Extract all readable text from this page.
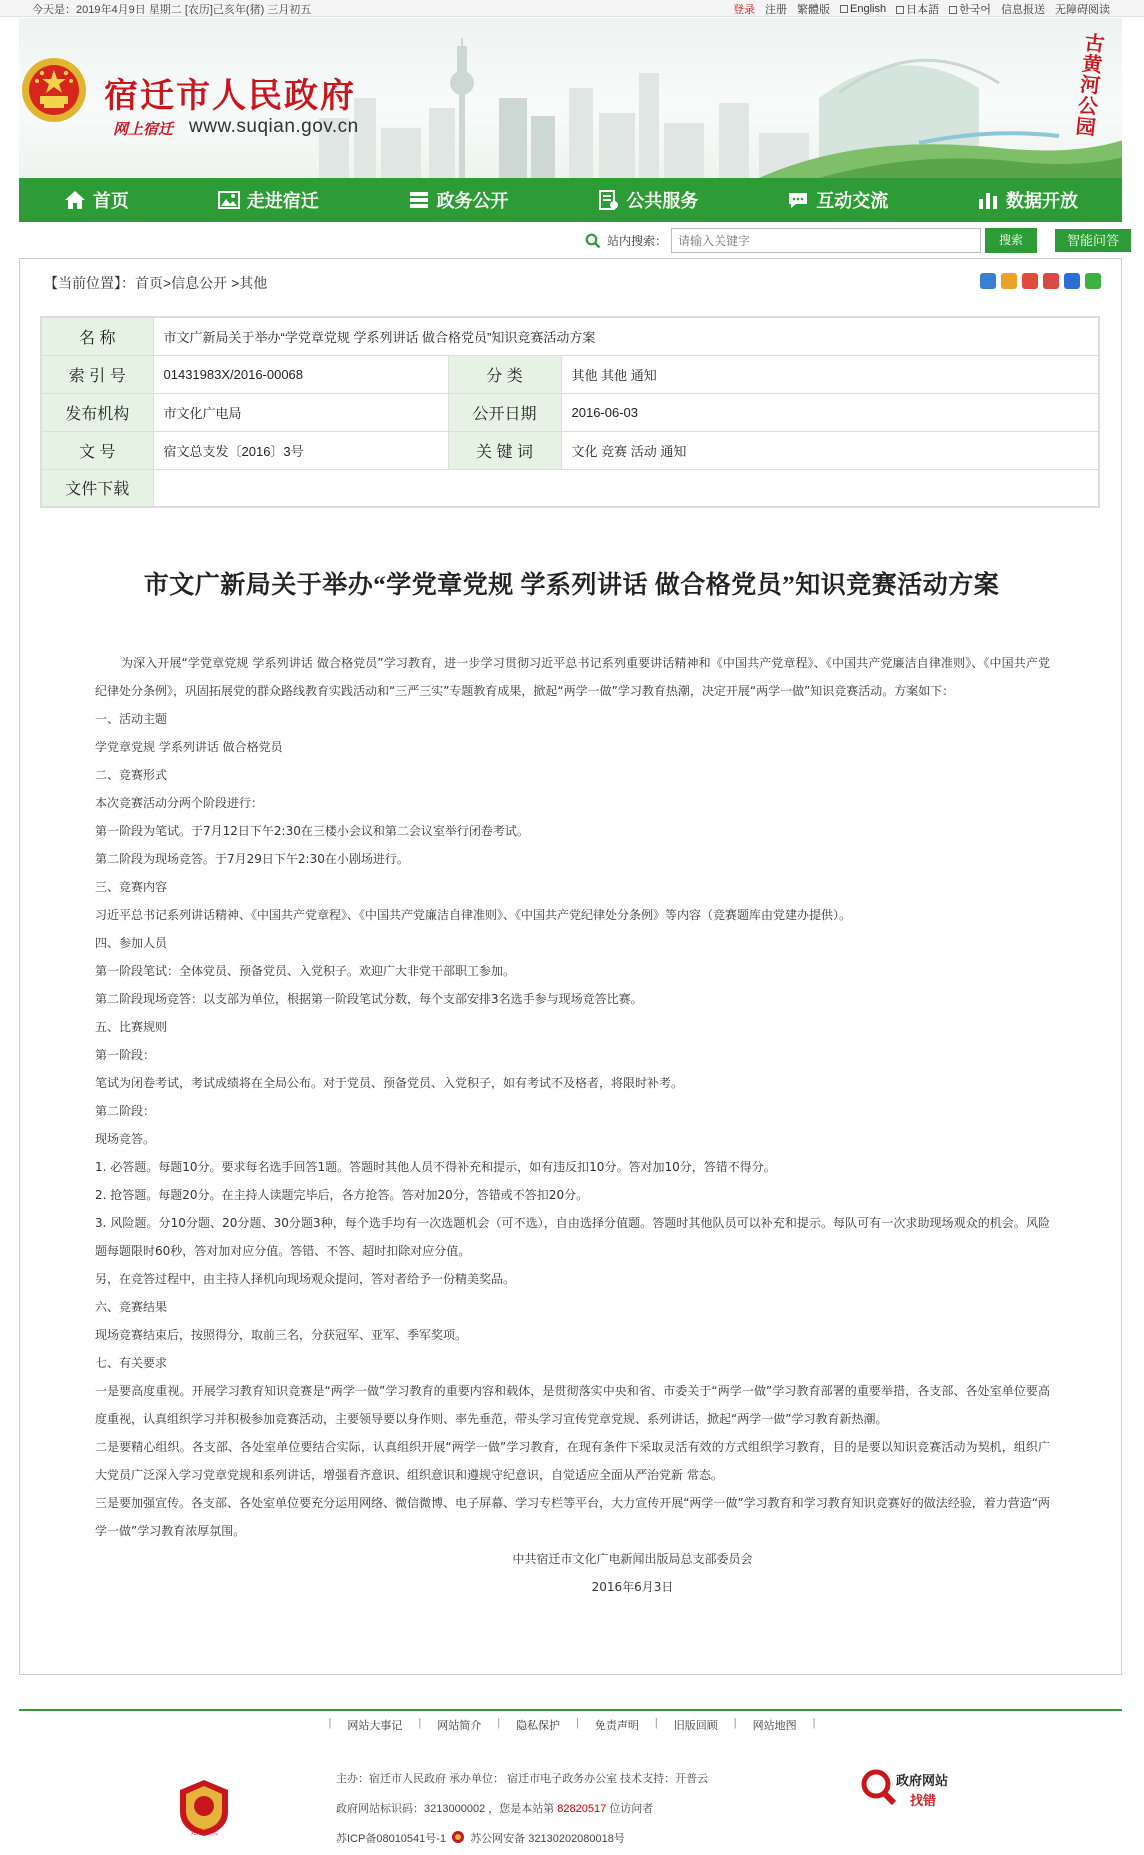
今天是：2019年4月9日 星期二 [农历]己亥年(猪) 三月初五	登录 注册 繁體版	English	日本語	한국어 信息报送 无障碍阅读
宿迁市人民政府
网上宿迁 www.suqian.gov.cn
古黄河公园
首页	走进宿迁	政务公开	公共服务	互动交流	数据开放
站内搜索：
请输入关键字	搜索	智能问答
【当前位置】：首页>信息公开 >其他
名 称	市文广新局关于举办“学党章党规 学系列讲话 做合格党员”知识竞赛活动方案		
索 引 号	01431983X/2016-00068	分 类	其他 其他 通知
发布机构	市文化广电局	公开日期	2016-06-03
文 号	宿文总支发〔2016〕3号	关 键 词	文化 竞赛 活动 通知
文件下载			
市文广新局关于举办“学党章党规 学系列讲话 做合格党员”知识竞赛活动方案

为深入开展“学党章党规 学系列讲话 做合格党员”学习教育，进一步学习贯彻习近平总书记系列重要讲话精神和《中国共产党章程》、《中国共产党廉洁自律准则》、《中国共产党纪律处分条例》，巩固拓展党的群众路线教育实践活动和“三严三实”专题教育成果，掀起“两学一做”学习教育热潮，决定开展“两学一做”知识竞赛活动。方案如下：

一、活动主题

学党章党规 学系列讲话 做合格党员

二、竞赛形式

本次竞赛活动分两个阶段进行：

第一阶段为笔试。于7月12日下午2:30在三楼小会议和第二会议室举行闭卷考试。

第二阶段为现场竞答。于7月29日下午2:30在小剧场进行。

三、竞赛内容

习近平总书记系列讲话精神、《中国共产党章程》、《中国共产党廉洁自律准则》、《中国共产党纪律处分条例》等内容（竞赛题库由党建办提供）。

四、参加人员

第一阶段笔试：全体党员、预备党员、入党积子。欢迎广大非党干部职工参加。

第二阶段现场竞答：以支部为单位，根据第一阶段笔试分数，每个支部安排3名选手参与现场竞答比赛。

五、比赛规则

第一阶段：

笔试为闭卷考试，考试成绩将在全局公布。对于党员、预备党员、入党积子，如有考试不及格者，将限时补考。

第二阶段：

现场竞答。

1. 必答题。每题10分。要求每名选手回答1题。答题时其他人员不得补充和提示，如有违反扣10分。答对加10分，答错不得分。

2. 抢答题。每题20分。在主持人读题完毕后，各方抢答。答对加20分，答错或不答扣20分。

3. 风险题。分10分题、20分题、30分题3种，每个选手均有一次选题机会（可不选），自由选择分值题。答题时其他队员可以补充和提示。每队可有一次求助现场观众的机会。风险题每题限时60秒，答对加对应分值。答错、不答、超时扣除对应分值。

另，在竞答过程中，由主持人择机向现场观众提问，答对者给予一份精美奖品。

六、竞赛结果

现场竞赛结束后，按照得分，取前三名，分获冠军、亚军、季军奖项。

七、有关要求

一是要高度重视。开展学习教育知识竞赛是“两学一做”学习教育的重要内容和载体，是贯彻落实中央和省、市委关于“两学一做”学习教育部署的重要举措，各支部、各处室单位要高度重视，认真组织学习并积极参加竞赛活动，主要领导要以身作则、率先垂范，带头学习宣传党章党规、系列讲话，掀起“两学一做”学习教育新热潮。

二是要精心组织。各支部、各处室单位要结合实际，认真组织开展“两学一做”学习教育，在现有条件下采取灵活有效的方式组织学习教育，目的是要以知识竞赛活动为契机，组织广大党员广泛深入学习党章党规和系列讲话，增强看齐意识、组织意识和遵规守纪意识，自觉适应全面从严治党新 常态。

三是要加强宣传。各支部、各处室单位要充分运用网络、微信微博、电子屏幕、学习专栏等平台，大力宣传开展“两学一做”学习教育和学习教育知识竞赛好的做法经验，着力营造“两学一做”学习教育浓厚氛围。

中共宿迁市文化广电新闻出版局总支部委员会

2016年6月3日

|	网站大事记	|	网站简介	|	隐私保护	|	免责声明	|	旧版回顾	|	网站地图	|
党政机关
主办：宿迁市人民政府 承办单位： 宿迁市电子政务办公室 技术支持：开普云
政府网站标识码：3213000002 ，您是本站第 82820517 位访问者
苏ICP备08010541号-1 苏公网安备 32130202080018号
政府网站
找错
